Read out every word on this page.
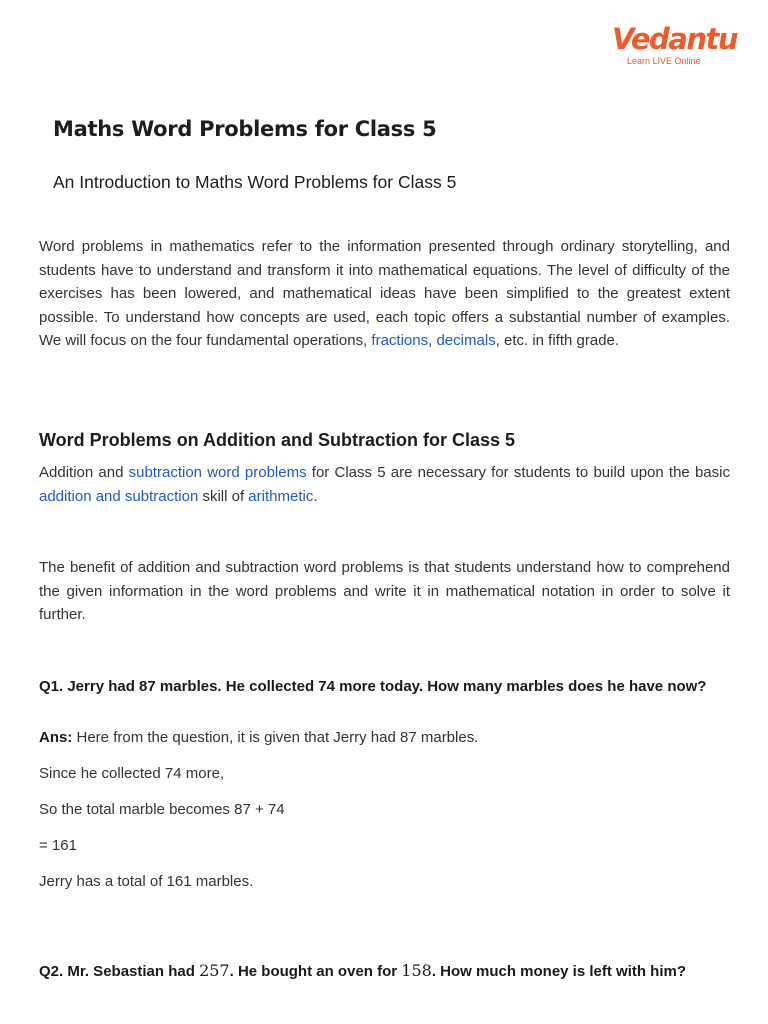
Vedantu
Learn LIVE Online
Maths Word Problems for Class 5
An Introduction to Maths Word Problems for Class 5

Word problems in mathematics refer to the information presented through ordinary storytelling, and students have to understand and transform it into mathematical equations. The level of difficulty of the exercises has been lowered, and mathematical ideas have been simplified to the greatest extent possible. To understand how concepts are used, each topic offers a substantial number of examples. We will focus on the four fundamental operations, fractions, decimals, etc. in fifth grade.

Word Problems on Addition and Subtraction for Class 5

Addition and subtraction word problems for Class 5 are necessary for students to build upon the basic addition and subtraction skill of arithmetic.

The benefit of addition and subtraction word problems is that students understand how to comprehend the given information in the word problems and write it in mathematical notation in order to solve it further.

Q1. Jerry had 87 marbles. He collected 74 more today. How many marbles does he have now?

Ans: Here from the question, it is given that Jerry had 87 marbles.
Since he collected 74 more,
So the total marble becomes 87 + 74
= 161
Jerry has a total of 161 marbles.

Q2. Mr. Sebastian had 257. He bought an oven for 158. How much money is left with him?
